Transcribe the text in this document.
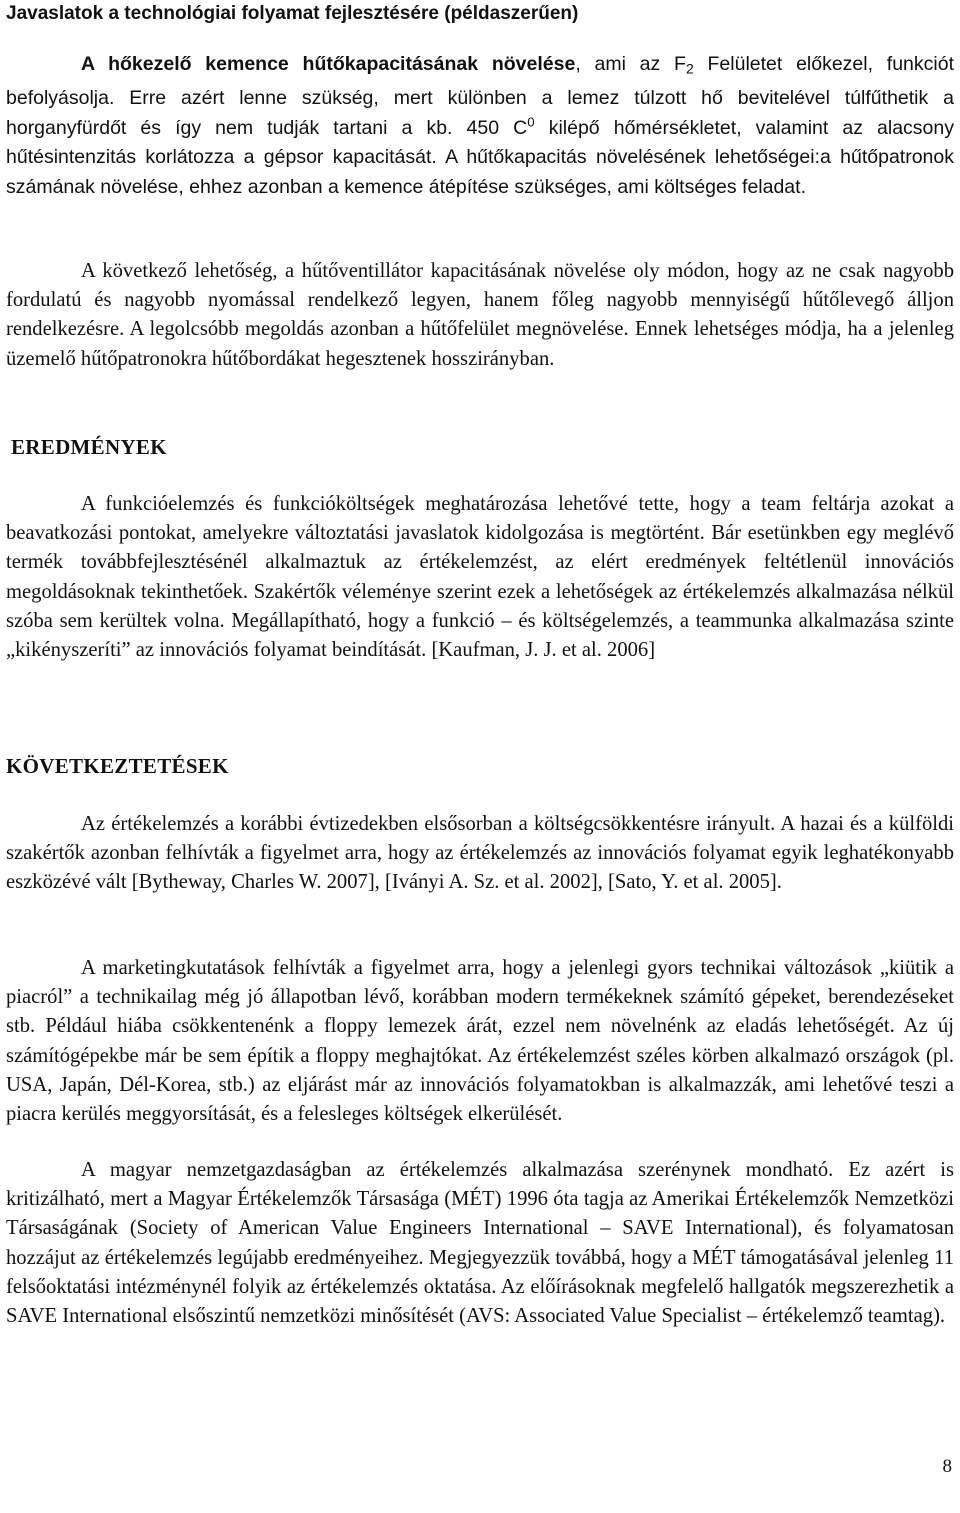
Javaslatok a technológiai folyamat fejlesztésére (példaszerűen)
A hőkezelő kemence hűtőkapacitásának növelése, ami az $F_2$ Felületet előkezel, funkciót befolyásolja. Erre azért lenne szükség, mert különben a lemez túlzott hő bevitelével túlfűthetik a horganyfürdőt és így nem tudják tartani a kb. 450 $C^0$ kilépő hőmérsékletet, valamint az alacsony hűtésintenzitás korlátozza a gépsor kapacitását. A hűtőkapacitás növelésének lehetőségei:a hűtőpatronok számának növelése, ehhez azonban a kemence átépítése szükséges, ami költséges feladat.
A következő lehetőség, a hűtőventillátor kapacitásának növelése oly módon, hogy az ne csak nagyobb fordulatú és nagyobb nyomással rendelkező legyen, hanem főleg nagyobb mennyiségű hűtőlevegő álljon rendelkezésre. A legolcsóbb megoldás azonban a hűtőfelület megnövelése. Ennek lehetséges módja, ha a jelenleg üzemelő hűtőpatronokra hűtőbordákat hegesztenek hosszirányban.
EREDMÉNYEK
A funkcióelemzés és funkcióköltségek meghatározása lehetővé tette, hogy a team feltárja azokat a beavatkozási pontokat, amelyekre változtatási javaslatok kidolgozása is megtörtént. Bár esetünkben egy meglévő termék továbbfejlesztésénél alkalmaztuk az értékelemzést, az elért eredmények feltétlenül innovációs megoldásoknak tekinthetőek. Szakértők véleménye szerint ezek a lehetőségek az értékelemzés alkalmazása nélkül szóba sem kerültek volna. Megállapítható, hogy a funkció – és költségelemzés, a teammunka alkalmazása szinte „kikényszeríti” az innovációs folyamat beindítását. [Kaufman, J. J. et al. 2006]
KÖVETKEZTETÉSEK
Az értékelemzés a korábbi évtizedekben elsősorban a költségcsökkentésre irányult. A hazai és a külföldi szakértők azonban felhívták a figyelmet arra, hogy az értékelemzés az innovációs folyamat egyik leghatékonyabb eszközévé vált [Bytheway, Charles W. 2007], [Iványi A. Sz. et al. 2002], [Sato, Y. et al. 2005].
A marketingkutatások felhívták a figyelmet arra, hogy a jelenlegi gyors technikai változások „kiütik a piacról” a technikailag még jó állapotban lévő, korábban modern termékeknek számító gépeket, berendezéseket stb. Például hiába csökkentenénk a floppy lemezek árát, ezzel nem növelnénk az eladás lehetőségét. Az új számítógépekbe már be sem építik a floppy meghajtókat. Az értékelemzést széles körben alkalmazó országok (pl. USA, Japán, Dél-Korea, stb.) az eljárást már az innovációs folyamatokban is alkalmazzák, ami lehetővé teszi a piacra kerülés meggyorsítását, és a felesleges költségek elkerülését.
A magyar nemzetgazdaságban az értékelemzés alkalmazása szerénynek mondható. Ez azért is kritizálható, mert a Magyar Értékelemzők Társasága (MÉT) 1996 óta tagja az Amerikai Értékelemzők Nemzetközi Társaságának (Society of American Value Engineers International – SAVE International), és folyamatosan hozzájut az értékelemzés legújabb eredményeihez. Megjegyezzük továbbá, hogy a MÉT támogatásával jelenleg 11 felsőoktatási intézménynél folyik az értékelemzés oktatása. Az előírásoknak megfelelő hallgatók megszerezhetik a SAVE International elsőszintű nemzetközi minősítését (AVS: Associated Value Specialist – értékelemző teamtag).
8
